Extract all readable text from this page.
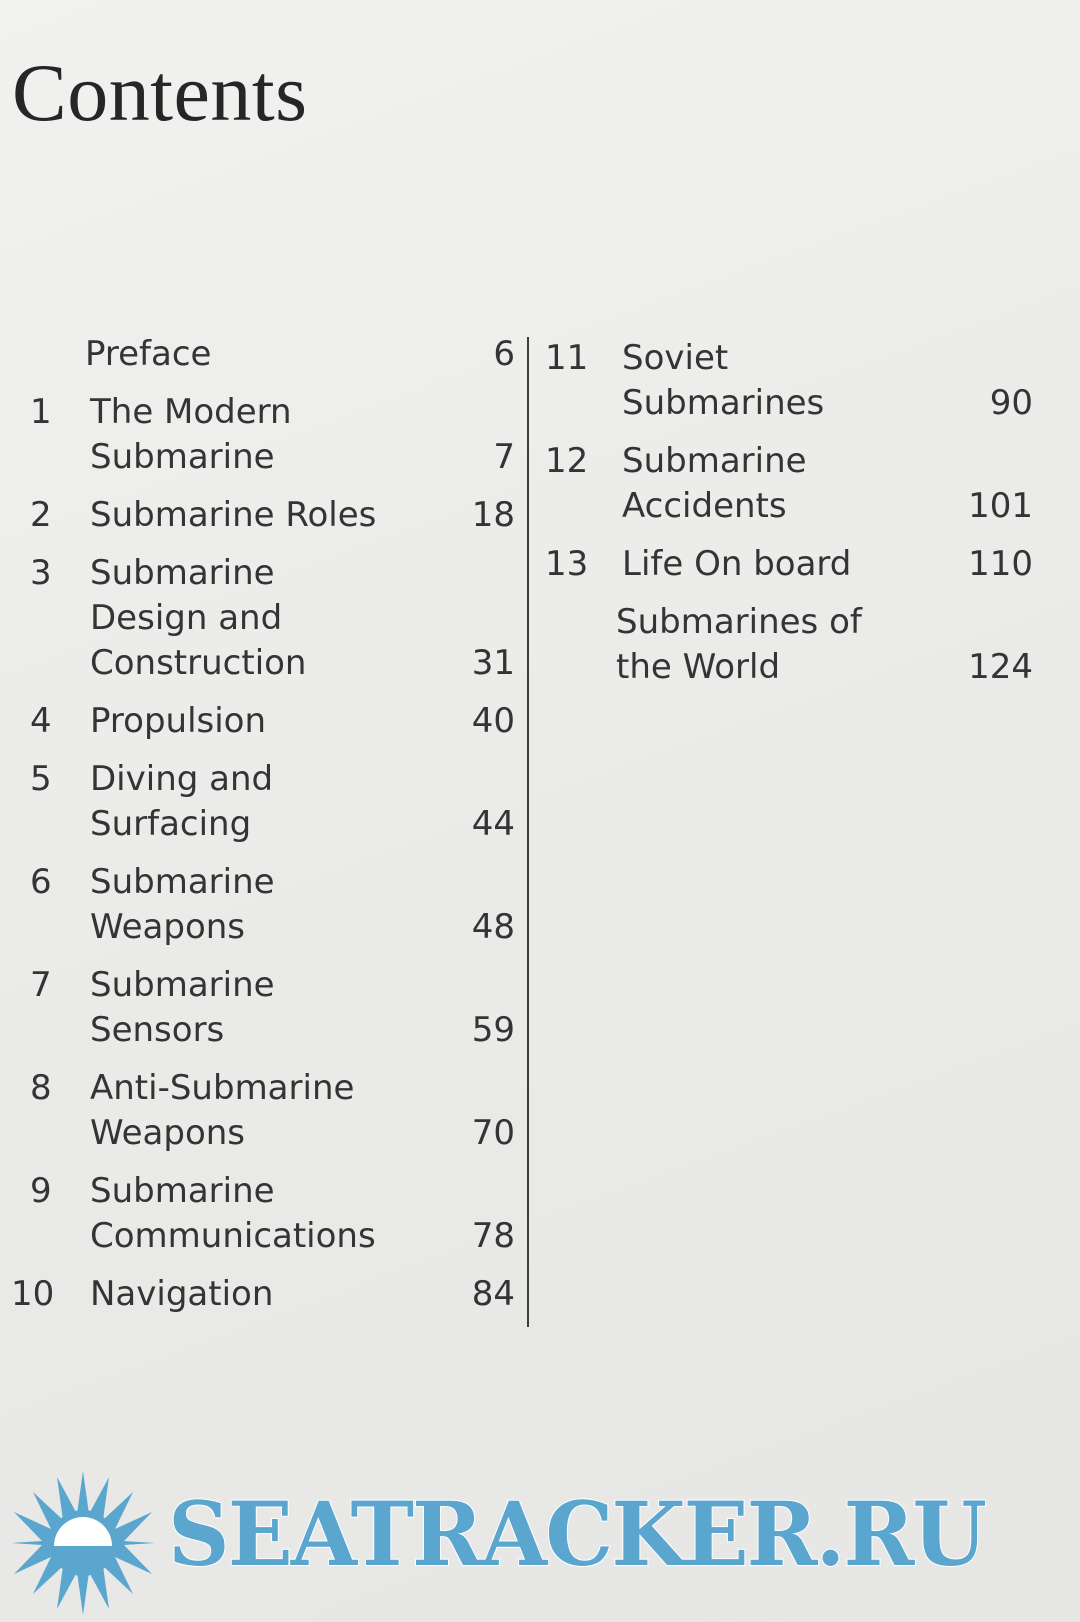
Contents
Preface	6
1 The Modern
Submarine	7
2 Submarine Roles	18
3 Submarine
Design and
Construction	31
4 Propulsion	40
5 Diving and
Surfacing	44
6 Submarine
Weapons	48
7 Submarine
Sensors	59
8 Anti-Submarine
Weapons	70
9 Submarine
Communications	78
10 Navigation	84
11 Soviet
Submarines	90
12 Submarine
Accidents	101
13 Life On board	110
Submarines of
the World	124
SEATRACKER.RU
